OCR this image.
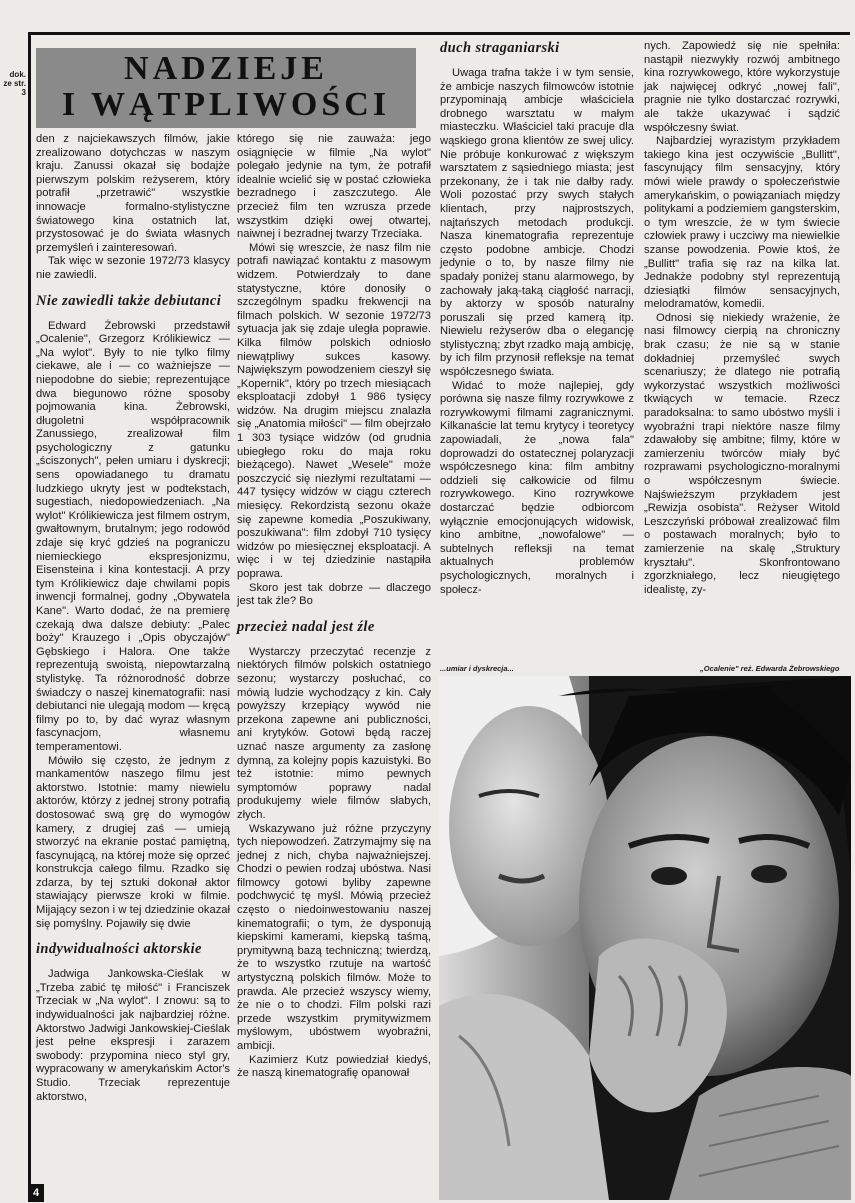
dok.
ze str.
3
NADZIEJE
I WĄTPLIWOŚCI

den z najciekawszych filmów, jakie zrealizowano dotychczas w naszym kraju. Zanussi okazał się bodajże pierwszym polskim reżyserem, który potrafił „przetrawić" wszystkie innowacje formalno-stylistyczne światowego kina ostatnich lat, przystosować je do świata własnych przemyśleń i zainteresowań.

Tak więc w sezonie 1972/73 klasycy nie zawiedli.

Nie zawiedli także debiutanci

Edward Żebrowski przedstawił „Ocalenie", Grzegorz Królikiewicz — „Na wylot". Były to nie tylko filmy ciekawe, ale i — co ważniejsze — niepodobne do siebie; reprezentujące dwa biegunowo różne sposoby pojmowania kina. Żebrowski, długoletni współpracownik Zanussiego, zrealizował film psychologiczny z gatunku „ściszonych", pełen umiaru i dyskrecji; sens opowiadanego tu dramatu ludzkiego ukryty jest w podtekstach, sugestiach, niedopowiedzeniach. „Na wylot" Królikiewicza jest filmem ostrym, gwałtownym, brutalnym; jego rodowód zdaje się kryć gdzieś na pograniczu niemieckiego ekspresjonizmu, Eisensteina i kina kontestacji. A przy tym Królikiewicz daje chwilami popis inwencji formalnej, godny „Obywatela Kane". Warto dodać, że na premierę czekają dwa dalsze debiuty: „Palec boży" Krauzego i „Opis obyczajów" Gębskiego i Halora. One także reprezentują swoistą, niepowtarzalną stylistykę. Ta różnorodność dobrze świadczy o naszej kinematografii: nasi debiutanci nie ulegają modom — kręcą filmy po to, by dać wyraz własnym fascynacjom, własnemu temperamentowi.

Mówiło się często, że jednym z mankamentów naszego filmu jest aktorstwo. Istotnie: mamy niewielu aktorów, którzy z jednej strony potrafią dostosować swą grę do wymogów kamery, z drugiej zaś — umieją stworzyć na ekranie postać pamiętną, fascynującą, na której może się oprzeć konstrukcja całego filmu. Rzadko się zdarza, by tej sztuki dokonał aktor stawiający pierwsze kroki w filmie. Mijający sezon i w tej dziedzinie okazał się pomyślny. Pojawiły się dwie

indywidualności aktorskie

Jadwiga Jankowska-Cieślak w „Trzeba zabić tę miłość" i Franciszek Trzeciak w „Na wylot". I znowu: są to indywidualności jak najbardziej różne. Aktorstwo Jadwigi Jankowskiej-Cieślak jest pełne ekspresji i zarazem swobody: przypomina nieco styl gry, wypracowany w amerykańskim Actor's Studio. Trzeciak reprezentuje aktorstwo,

którego się nie zauważa: jego osiągnięcie w filmie „Na wylot" polegało jedynie na tym, że potrafił idealnie wcielić się w postać człowieka bezradnego i zaszczutego. Ale przecież film ten wzrusza przede wszystkim dzięki owej otwartej, naiwnej i bezradnej twarzy Trzeciaka.

Mówi się wreszcie, że nasz film nie potrafi nawiązać kontaktu z masowym widzem. Potwierdzały to dane statystyczne, które donosiły o szczególnym spadku frekwencji na filmach polskich. W sezonie 1972/73 sytuacja jak się zdaje uległa poprawie. Kilka filmów polskich odniosło niewątpliwy sukces kasowy. Największym powodzeniem cieszył się „Kopernik", który po trzech miesiącach eksploatacji zdobył 1 986 tysięcy widzów. Na drugim miejscu znalazła się „Anatomia miłości" — film obejrzało 1 303 tysiące widzów (od grudnia ubiegłego roku do maja roku bieżącego). Nawet „Wesele" może poszczycić się niezłymi rezultatami — 447 tysięcy widzów w ciągu czterech miesięcy. Rekordzistą sezonu okaże się zapewne komedia „Poszukiwany, poszukiwana": film zdobył 710 tysięcy widzów po miesięcznej eksploatacji. A więc i w tej dziedzinie nastąpiła poprawa.

Skoro jest tak dobrze — dlaczego jest tak źle? Bo

przecież nadal jest źle

Wystarczy przeczytać recenzje z niektórych filmów polskich ostatniego sezonu; wystarczy posłuchać, co mówią ludzie wychodzący z kin. Cały powyższy krzepiący wywód nie przekona zapewne ani publiczności, ani krytyków. Gotowi będą raczej uznać nasze argumenty za zasłonę dymną, za kolejny popis kazuistyki. Bo też istotnie: mimo pewnych symptomów poprawy nadal produkujemy wiele filmów słabych, złych.

Wskazywano już różne przyczyny tych niepowodzeń. Zatrzymajmy się na jednej z nich, chyba najważniejszej. Chodzi o pewien rodzaj ubóstwa. Nasi filmowcy gotowi byliby zapewne podchwycić tę myśl. Mówią przecież często o niedoinwestowaniu naszej kinematografii; o tym, że dysponują kiepskimi kamerami, kiepską taśmą, prymitywną bazą techniczną; twierdzą, że to wszystko rzutuje na wartość artystyczną polskich filmów. Może to prawda. Ale przecież wszyscy wiemy, że nie o to chodzi. Film polski razi przede wszystkim prymitywizmem myślowym, ubóstwem wyobraźni, ambicji.

Kazimierz Kutz powiedział kiedyś, że naszą kinematografię opanował

duch straganiarski

Uwaga trafna także i w tym sensie, że ambicje naszych filmowców istotnie przypominają ambicje właściciela drobnego warsztatu w małym miasteczku. Właściciel taki pracuje dla wąskiego grona klientów ze swej ulicy. Nie próbuje konkurować z większym warsztatem z sąsiedniego miasta; jest przekonany, że i tak nie dałby rady. Woli pozostać przy swych stałych klientach, przy najprostszych, najtańszych metodach produkcji. Nasza kinematografia reprezentuje często podobne ambicje. Chodzi jedynie o to, by nasze filmy nie spadały poniżej stanu alarmowego, by zachowały jaką-taką ciągłość narracji, by aktorzy w sposób naturalny poruszali się przed kamerą itp. Niewielu reżyserów dba o elegancję stylistyczną; zbyt rzadko mają ambicję, by ich film przynosił refleksje na temat współczesnego świata.

Widać to może najlepiej, gdy porówna się nasze filmy rozrywkowe z rozrywkowymi filmami zagranicznymi. Kilkanaście lat temu krytycy i teoretycy zapowiadali, że „nowa fala" doprowadzi do ostatecznej polaryzacji współczesnego kina: film ambitny oddzieli się całkowicie od filmu rozrywkowego. Kino rozrywkowe dostarczać będzie odbiorcom wyłącznie emocjonujących widowisk, kino ambitne, „nowofalowe" — subtelnych refleksji na temat aktualnych problemów psychologicznych, moralnych i społecz-

nych. Zapowiedź się nie spełniła: nastąpił niezwykły rozwój ambitnego kina rozrywkowego, które wykorzystuje jak najwięcej odkryć „nowej fali", pragnie nie tylko dostarczać rozrywki, ale także ukazywać i sądzić współczesny świat.

Najbardziej wyrazistym przykładem takiego kina jest oczywiście „Bullitt", fascynujący film sensacyjny, który mówi wiele prawdy o społeczeństwie amerykańskim, o powiązaniach między politykami a podziemiem gangsterskim, o tym wreszcie, że w tym świecie człowiek prawy i uczciwy ma niewielkie szanse powodzenia. Powie ktoś, że „Bullitt" trafia się raz na kilka lat. Jednakże podobny styl reprezentują dziesiątki filmów sensacyjnych, melodramatów, komedii.

Odnosi się niekiedy wrażenie, że nasi filmowcy cierpią na chroniczny brak czasu; że nie są w stanie dokładniej przemyśleć swych scenariuszy; że dlatego nie potrafią wykorzystać wszystkich możliwości tkwiących w temacie. Rzecz paradoksalna: to samo ubóstwo myśli i wyobraźni trapi niektóre nasze filmy zdawałoby się ambitne; filmy, które w zamierzeniu twórców miały być rozprawami psychologiczno-moralnymi o współczesnym świecie. Najświeższym przykładem jest „Rewizja osobista". Reżyser Witold Leszczyński próbował zrealizować film o postawach moralnych; było to zamierzenie na skalę „Struktury kryształu". Skonfrontowano zgorzkniałego, lecz nieugiętego idealistę, zy-

...umiar i dyskrecja...	„Ocalenie" reż. Edwarda Żebrowskiego
4
